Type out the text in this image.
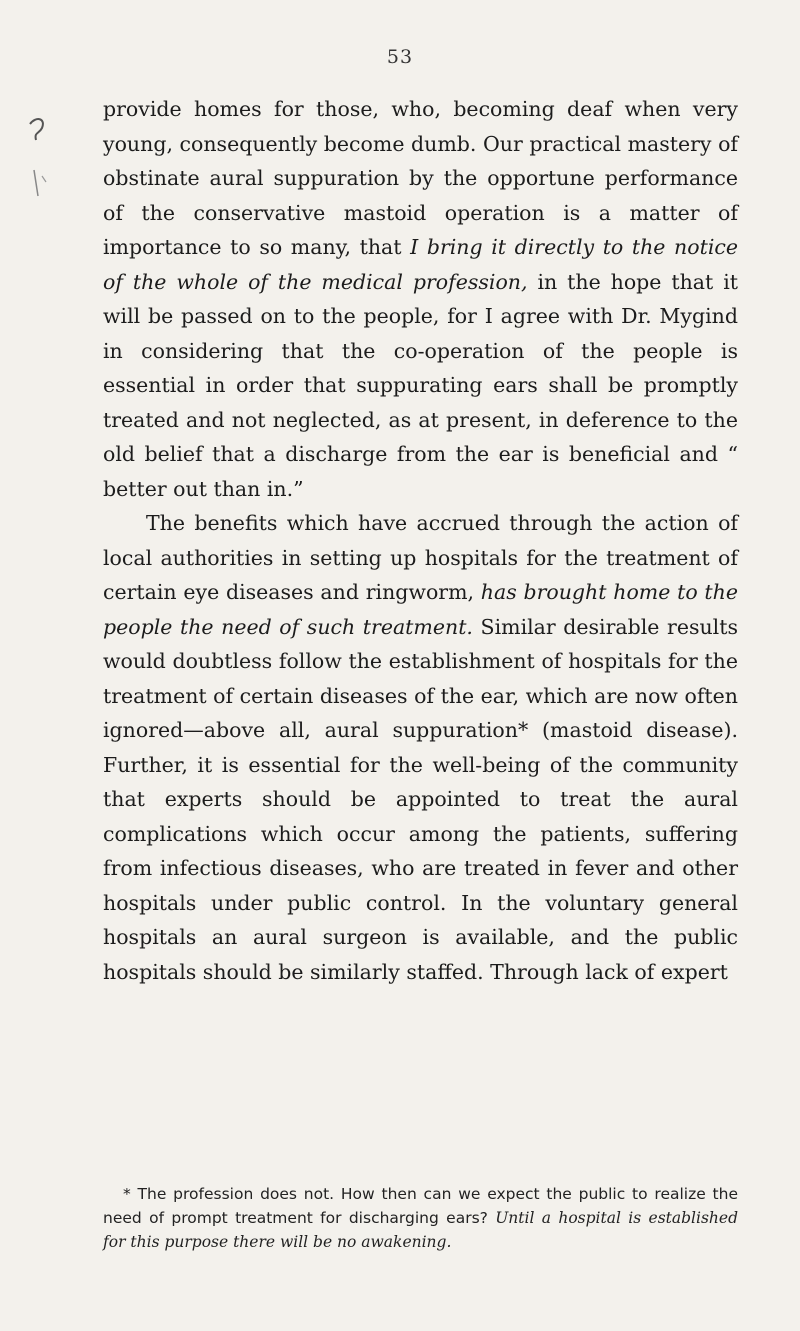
53

provide homes for those, who, becoming deaf when very young, consequently become dumb. Our practical mastery of obstinate aural suppuration by the opportune performance of the conservative mastoid operation is a matter of importance to so many, that I bring it directly to the notice of the whole of the medical profession, in the hope that it will be passed on to the people, for I agree with Dr. Mygind in considering that the co-operation of the people is essential in order that suppurating ears shall be promptly treated and not neglected, as at present, in deference to the old belief that a discharge from the ear is beneficial and “ better out than in.”

The benefits which have accrued through the action of local authorities in setting up hospitals for the treatment of certain eye diseases and ringworm, has brought home to the people the need of such treatment. Similar desirable results would doubtless follow the establishment of hospitals for the treatment of certain diseases of the ear, which are now often ignored—above all, aural suppuration* (mastoid disease). Further, it is essential for the well-being of the community that experts should be appointed to treat the aural complications which occur among the patients, suffering from infectious diseases, who are treated in fever and other hospitals under public control. In the voluntary general hospitals an aural surgeon is available, and the public hospitals should be similarly staffed. Through lack of expert

* The profession does not. How then can we expect the public to realize the need of prompt treatment for discharging ears? Until a hospital is established for this purpose there will be no awakening.
